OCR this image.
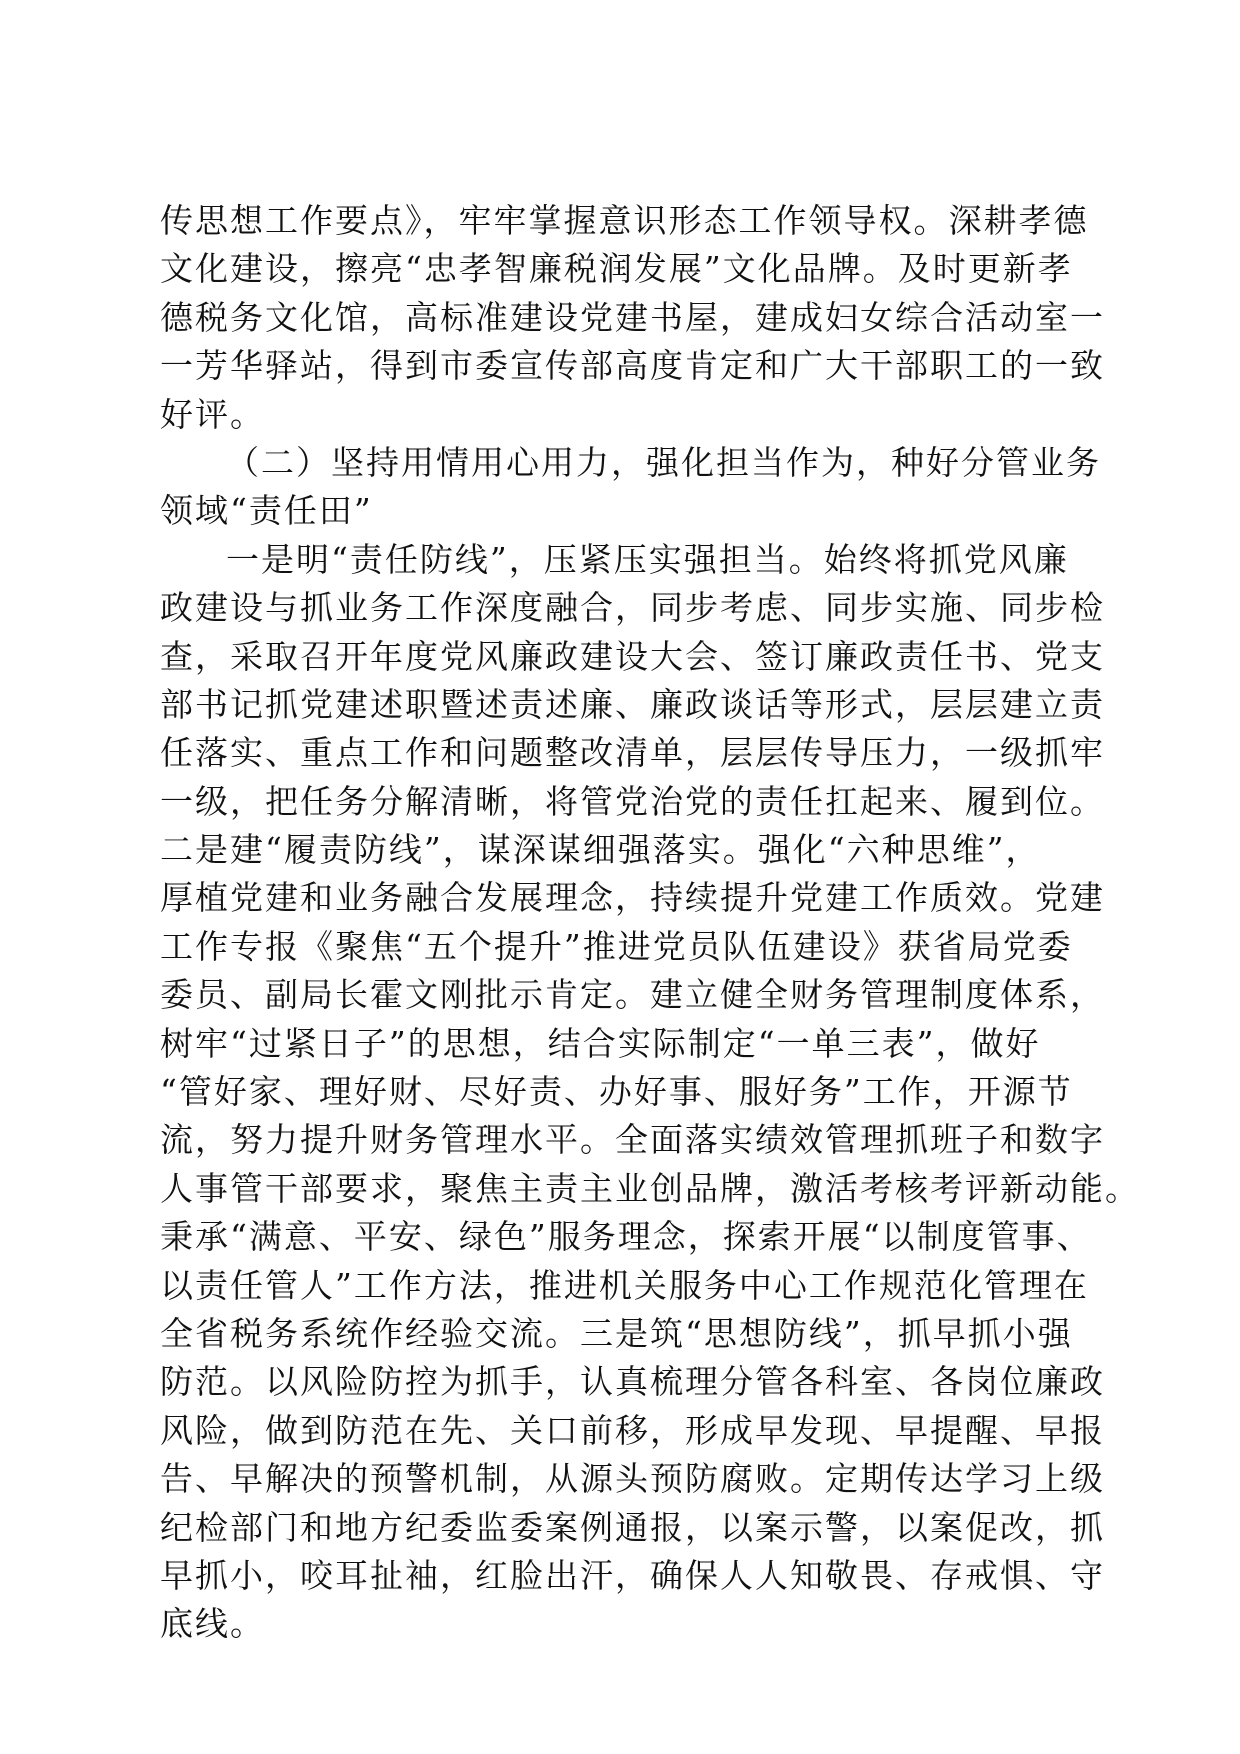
传思想工作要点》，牢牢掌握意识形态工作领导权。深耕孝德
文化建设，擦亮“忠孝智廉税润发展”文化品牌。及时更新孝
德税务文化馆，高标准建设党建书屋，建成妇女综合活动室一
一芳华驿站，得到市委宣传部高度肯定和广大干部职工的一致
好评。
（二）坚持用情用心用力，强化担当作为，种好分管业务
领域“责任田”
一是明“责任防线”，压紧压实强担当。始终将抓党风廉
政建设与抓业务工作深度融合，同步考虑、同步实施、同步检
查，采取召开年度党风廉政建设大会、签订廉政责任书、党支
部书记抓党建述职暨述责述廉、廉政谈话等形式，层层建立责
任落实、重点工作和问题整改清单，层层传导压力，一级抓牢
一级，把任务分解清晰，将管党治党的责任扛起来、履到位。
二是建“履责防线”，谋深谋细强落实。强化“六种思维”，
厚植党建和业务融合发展理念，持续提升党建工作质效。党建
工作专报《聚焦“五个提升”推进党员队伍建设》获省局党委
委员、副局长霍文刚批示肯定。建立健全财务管理制度体系，
树牢“过紧日子”的思想，结合实际制定“一单三表”，做好
“管好家、理好财、尽好责、办好事、服好务”工作，开源节
流，努力提升财务管理水平。全面落实绩效管理抓班子和数字
人事管干部要求，聚焦主责主业创品牌，激活考核考评新动能。
秉承“满意、平安、绿色”服务理念，探索开展“以制度管事、
以责任管人”工作方法，推进机关服务中心工作规范化管理在
全省税务系统作经验交流。三是筑“思想防线”，抓早抓小强
防范。以风险防控为抓手，认真梳理分管各科室、各岗位廉政
风险，做到防范在先、关口前移，形成早发现、早提醒、早报
告、早解决的预警机制，从源头预防腐败。定期传达学习上级
纪检部门和地方纪委监委案例通报，以案示警，以案促改，抓
早抓小，咬耳扯袖，红脸出汗，确保人人知敬畏、存戒惧、守
底线。
